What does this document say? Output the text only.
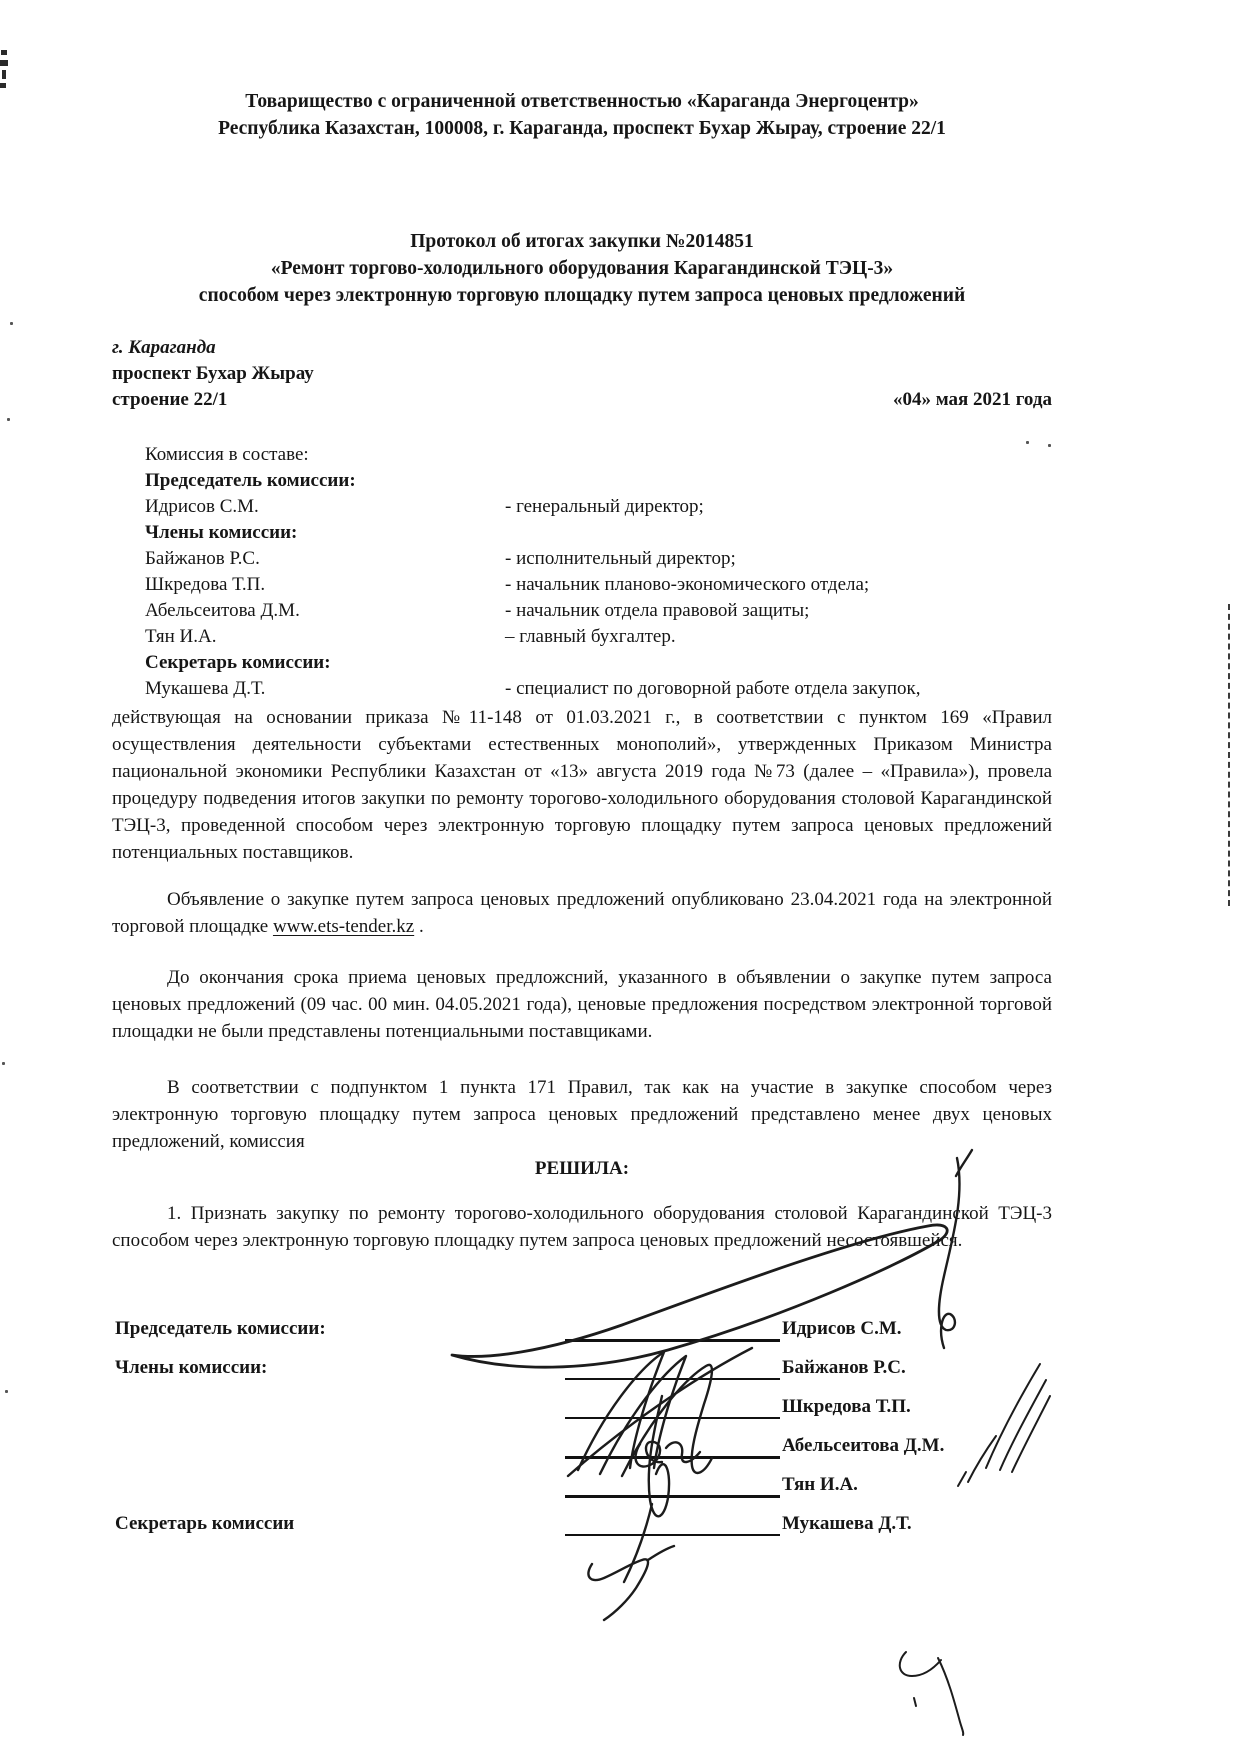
Товарищество с ограниченной ответственностью «Караганда Энергоцентр»
Республика Казахстан, 100008, г. Караганда, проспект Бухар Жырау, строение 22/1
Протокол об итогах закупки №2014851
«Ремонт торгово-холодильного оборудования Карагандинской ТЭЦ-3»
способом через электронную торговую площадку путем запроса ценовых предложений
г. Караганда
проспект Бухар Жырау
строение 22/1	«04» мая 2021 года
Комиссия в составе:
Председатель комиссии:
Идрисов С.М.	- генеральный директор;
Члены комиссии:
Байжанов Р.С.	- исполнительный директор;
Шкредова Т.П.	- начальник планово-экономического отдела;
Абельсеитова Д.М.	- начальник отдела правовой защиты;
Тян И.А.	– главный бухгалтер.
Секретарь комиссии:
Мукашева Д.Т.	- специалист по договорной работе отдела закупок,

действующая на основании приказа №11-148 от 01.03.2021 г., в соответствии с пунктом 169 «Правил осуществления деятельности субъектами естественных монополий», утвержденных Приказом Министра пациональной экономики Республики Казахстан от «13» августа 2019 года №73 (далее – «Правила»), провела процедуру подведения итогов закупки по ремонту торогово-холодильного оборудования столовой Карагандинской ТЭЦ-3, проведенной способом через электронную торговую площадку путем запроса ценовых предложений потенциальных поставщиков.

Объявление о закупке путем запроса ценовых предложений опубликовано 23.04.2021 года на электронной торговой площадке www.ets-tender.kz .

До окончания срока приема ценовых предложсний, указанного в объявлении о закупке путем запроса ценовых предложений (09 час. 00 мин. 04.05.2021 года), ценовые предложения посредством электронной торговой площадки не были представлены потенциальными поставщиками.

В соответствии с подпунктом 1 пункта 171 Правил, так как на участие в закупке способом через электронную торговую площадку путем запроса ценовых предложений представлено менее двух ценовых предложений, комиссия

РЕШИЛА:

1. Признать закупку по ремонту торогово-холодильного оборудования столовой Карагандинской ТЭЦ-3 способом через электронную торговую площадку путем запроса ценовых предложений несостоявшейся.

Председатель комиссии:	Идрисов С.М.
Члены комиссии:	Байжанов Р.С.
Шкредова Т.П.
Абельсеитова Д.М.
Тян И.А.
Секретарь комиссии	Мукашева Д.Т.
